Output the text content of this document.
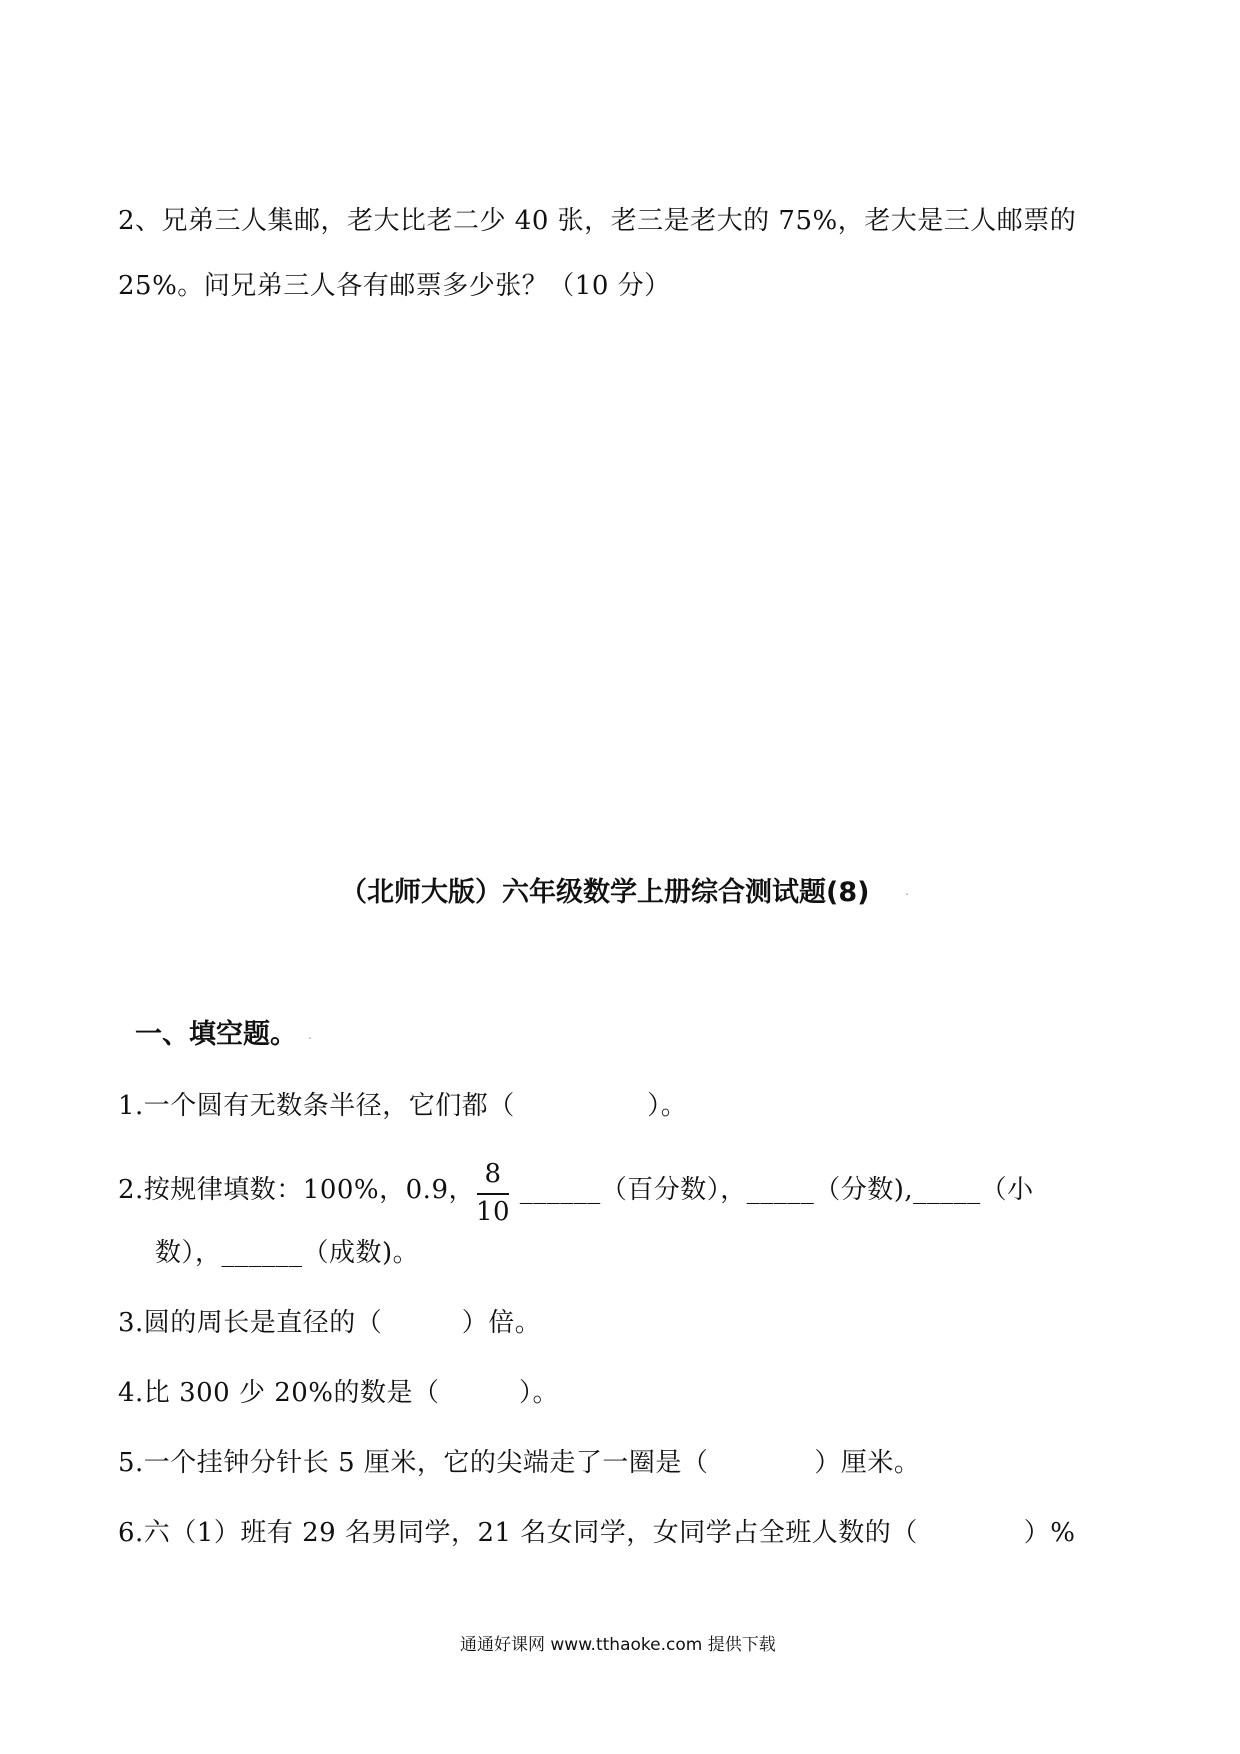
2、兄弟三人集邮，老大比老二少 40 张，老三是老大的 75%，老大是三人邮票的
25%。问兄弟三人各有邮票多少张？（10 分）
（北师大版）六年级数学上册综合测试题(8)	.
一、填空题。 .
1.一个圆有无数条半径，它们都（　　　　　）。
2.按规律填数：100%，0.9， $\frac{8}{10}$ ______（百分数），_____（分数),_____（小
数），______（成数)。
3.圆的周长是直径的（　　　）倍。
4.比 300 少 20%的数是（　　　）。
5.一个挂钟分针长 5 厘米，它的尖端走了一圈是（　　　　）厘米。
6.六（1）班有 29 名男同学，21 名女同学，女同学占全班人数的（　　　　）%
通通好课网 www.tthaoke.com 提供下载
